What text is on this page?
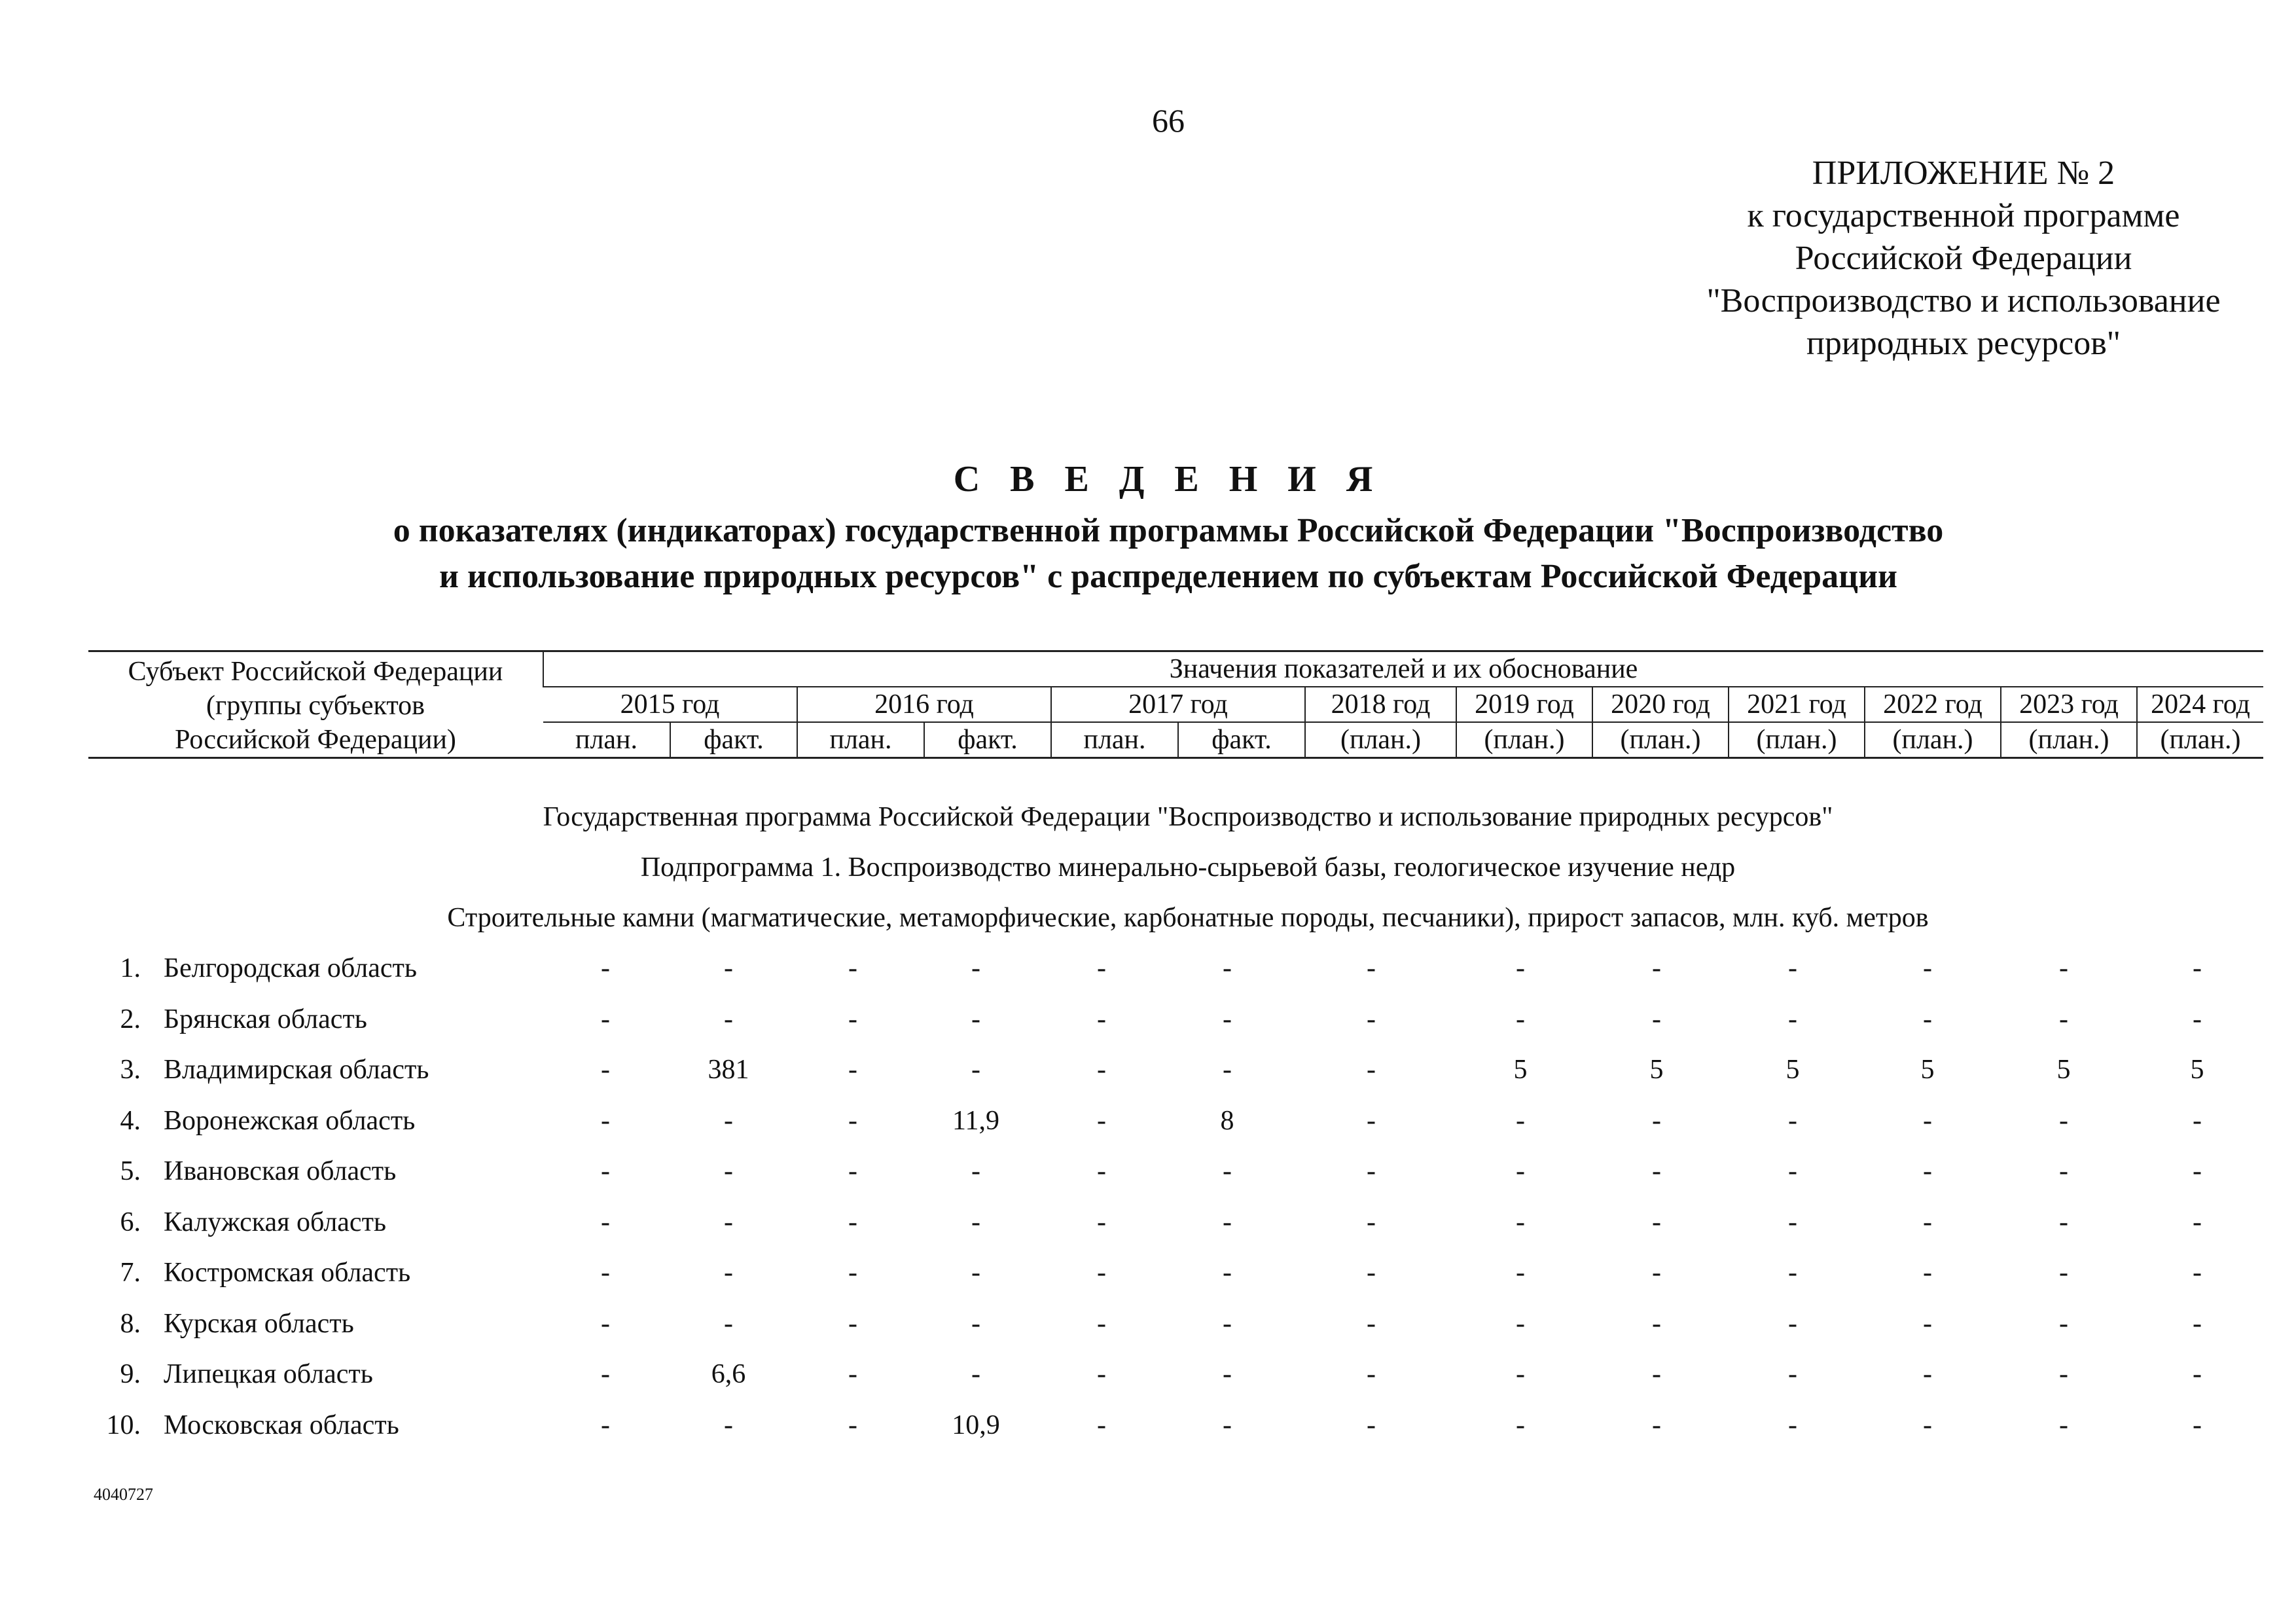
66
ПРИЛОЖЕНИЕ № 2
к государственной программе
Российской Федерации
"Воспроизводство и использование
природных ресурсов"
С В Е Д Е Н И Я
о показателях (индикаторах) государственной программы Российской Федерации "Воспроизводство
и использование природных ресурсов" с распределением по субъектам Российской Федерации
Субъект Российской Федерации
(группы субъектов
Российской Федерации)	Значения показателей и их обоснование												
	2015 год		2016 год		2017 год		2018 год	2019 год	2020 год	2021 год	2022 год	2023 год	2024 год
	план.	факт.	план.	факт.	план.	факт.	(план.)	(план.)	(план.)	(план.)	(план.)	(план.)	(план.)
Государственная программа Российской Федерации "Воспроизводство и использование природных ресурсов"
Подпрограмма 1. Воспроизводство минерально-сырьевой базы, геологическое изучение недр
Строительные камни (магматические, метаморфические, карбонатные породы, песчаники), прирост запасов, млн. куб. метров
1. Белгородская область	-	-	-	-	-	-	-	-	-	-	-	-	-
2. Брянская область	-	-	-	-	-	-	-	-	-	-	-	-	-
3. Владимирская область	-	381	-	-	-	-	-	5	5	5	5	5	5
4. Воронежская область	-	-	-	11,9	-	8	-	-	-	-	-	-	-
5. Ивановская область	-	-	-	-	-	-	-	-	-	-	-	-	-
6. Калужская область	-	-	-	-	-	-	-	-	-	-	-	-	-
7. Костромская область	-	-	-	-	-	-	-	-	-	-	-	-	-
8. Курская область	-	-	-	-	-	-	-	-	-	-	-	-	-
9. Липецкая область	-	6,6	-	-	-	-	-	-	-	-	-	-	-
10. Московская область	-	-	-	10,9	-	-	-	-	-	-	-	-	-
4040727
